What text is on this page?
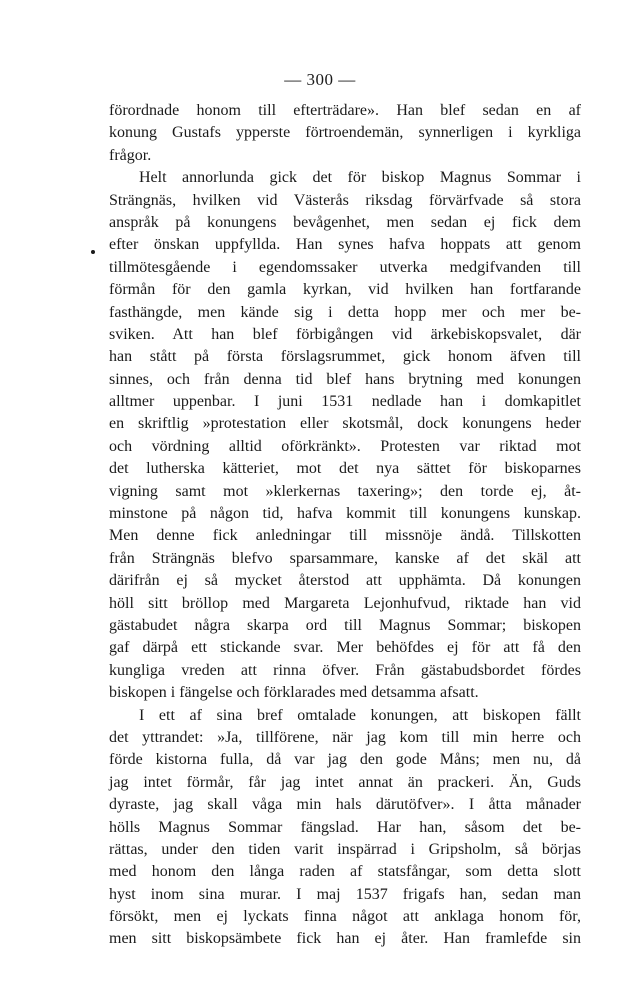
— 300 —
förordnade honom till efterträdare». Han blef sedan en af
konung Gustafs ypperste förtroendemän, synnerligen i kyrkliga
frågor.
Helt annorlunda gick det för biskop Magnus Sommar i
Strängnäs, hvilken vid Västerås riksdag förvärfvade så stora
anspråk på konungens bevågenhet, men sedan ej fick dem
efter önskan uppfyllda. Han synes hafva hoppats att genom
tillmötesgående i egendomssaker utverka medgifvanden till
förmån för den gamla kyrkan, vid hvilken han fortfarande
fasthängde, men kände sig i detta hopp mer och mer be-
sviken. Att han blef förbigången vid ärkebiskopsvalet, där
han stått på första förslagsrummet, gick honom äfven till
sinnes, och från denna tid blef hans brytning med konungen
alltmer uppenbar. I juni 1531 nedlade han i domkapitlet
en skriftlig »protestation eller skotsmål, dock konungens heder
och vördning alltid oförkränkt». Protesten var riktad mot
det lutherska kätteriet, mot det nya sättet för biskoparnes
vigning samt mot »klerkernas taxering»; den torde ej, åt-
minstone på någon tid, hafva kommit till konungens kunskap.
Men denne fick anledningar till missnöje ändå. Tillskotten
från Strängnäs blefvo sparsammare, kanske af det skäl att
därifrån ej så mycket återstod att upphämta. Då konungen
höll sitt bröllop med Margareta Lejonhufvud, riktade han vid
gästabudet några skarpa ord till Magnus Sommar; biskopen
gaf därpå ett stickande svar. Mer behöfdes ej för att få den
kungliga vreden att rinna öfver. Från gästabudsbordet fördes
biskopen i fängelse och förklarades med detsamma afsatt.
I ett af sina bref omtalade konungen, att biskopen fällt
det yttrandet: »Ja, tillförene, när jag kom till min herre och
förde kistorna fulla, då var jag den gode Måns; men nu, då
jag intet förmår, får jag intet annat än prackeri. Än, Guds
dyraste, jag skall våga min hals därutöfver». I åtta månader
hölls Magnus Sommar fängslad. Har han, såsom det be-
rättas, under den tiden varit inspärrad i Gripsholm, så börjas
med honom den långa raden af statsfångar, som detta slott
hyst inom sina murar. I maj 1537 frigafs han, sedan man
försökt, men ej lyckats finna något att anklaga honom för,
men sitt biskopsämbete fick han ej åter. Han framlefde sin
